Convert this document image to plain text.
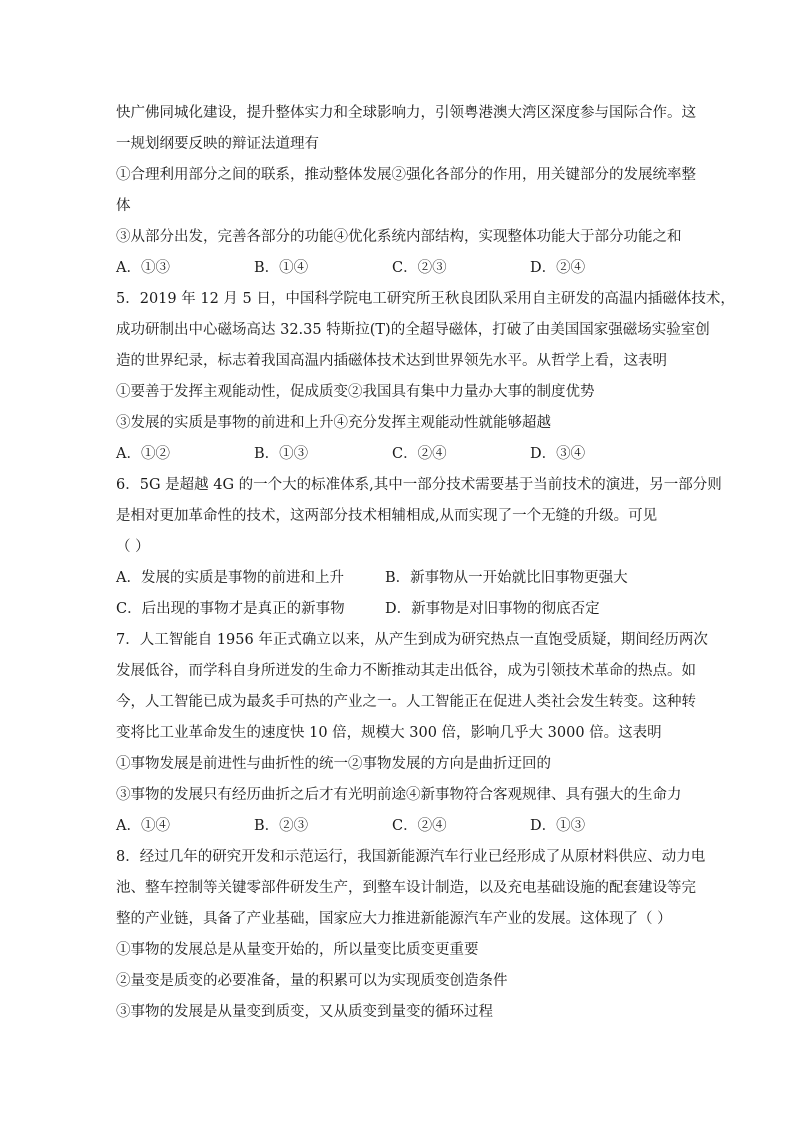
快广佛同城化建设，提升整体实力和全球影响力，引领粤港澳大湾区深度参与国际合作。这
一规划纲要反映的辩证法道理有
①合理利用部分之间的联系，推动整体发展②强化各部分的作用，用关键部分的发展统率整
体
③从部分出发，完善各部分的功能④优化系统内部结构，实现整体功能大于部分功能之和
A．①③	B．①④	C．②③	D．②④
5．2019 年 12 月 5 日，中国科学院电工研究所王秋良团队采用自主研发的高温内插磁体技术，
成功研制出中心磁场高达 32.35 特斯拉(T)的全超导磁体，打破了由美国国家强磁场实验室创
造的世界纪录，标志着我国高温内插磁体技术达到世界领先水平。从哲学上看，这表明
①要善于发挥主观能动性，促成质变②我国具有集中力量办大事的制度优势
③发展的实质是事物的前进和上升④充分发挥主观能动性就能够超越
A．①②	B．①③	C．②④	D．③④
6．5G 是超越 4G 的一个大的标准体系,其中一部分技术需要基于当前技术的演进，另一部分则
是相对更加革命性的技术，这两部分技术相辅相成,从而实现了一个无缝的升级。可见
（ ）
A．发展的实质是事物的前进和上升	B．新事物从一开始就比旧事物更强大
C．后出现的事物才是真正的新事物	D．新事物是对旧事物的彻底否定
7．人工智能自 1956 年正式确立以来，从产生到成为研究热点一直饱受质疑，期间经历两次
发展低谷，而学科自身所迸发的生命力不断推动其走出低谷，成为引领技术革命的热点。如
今，人工智能已成为最炙手可热的产业之一。人工智能正在促进人类社会发生转变。这种转
变将比工业革命发生的速度快 10 倍，规模大 300 倍，影响几乎大 3000 倍。这表明
①事物发展是前进性与曲折性的统一②事物发展的方向是曲折迂回的
③事物的发展只有经历曲折之后才有光明前途④新事物符合客观规律、具有强大的生命力
A．①④	B．②③	C．②④	D．①③
8．经过几年的研究开发和示范运行，我国新能源汽车行业已经形成了从原材料供应、动力电
池、整车控制等关键零部件研发生产，到整车设计制造，以及充电基础设施的配套建设等完
整的产业链，具备了产业基础，国家应大力推进新能源汽车产业的发展。这体现了（ ）
①事物的发展总是从量变开始的，所以量变比质变更重要
②量变是质变的必要准备，量的积累可以为实现质变创造条件
③事物的发展是从量变到质变，又从质变到量变的循环过程
